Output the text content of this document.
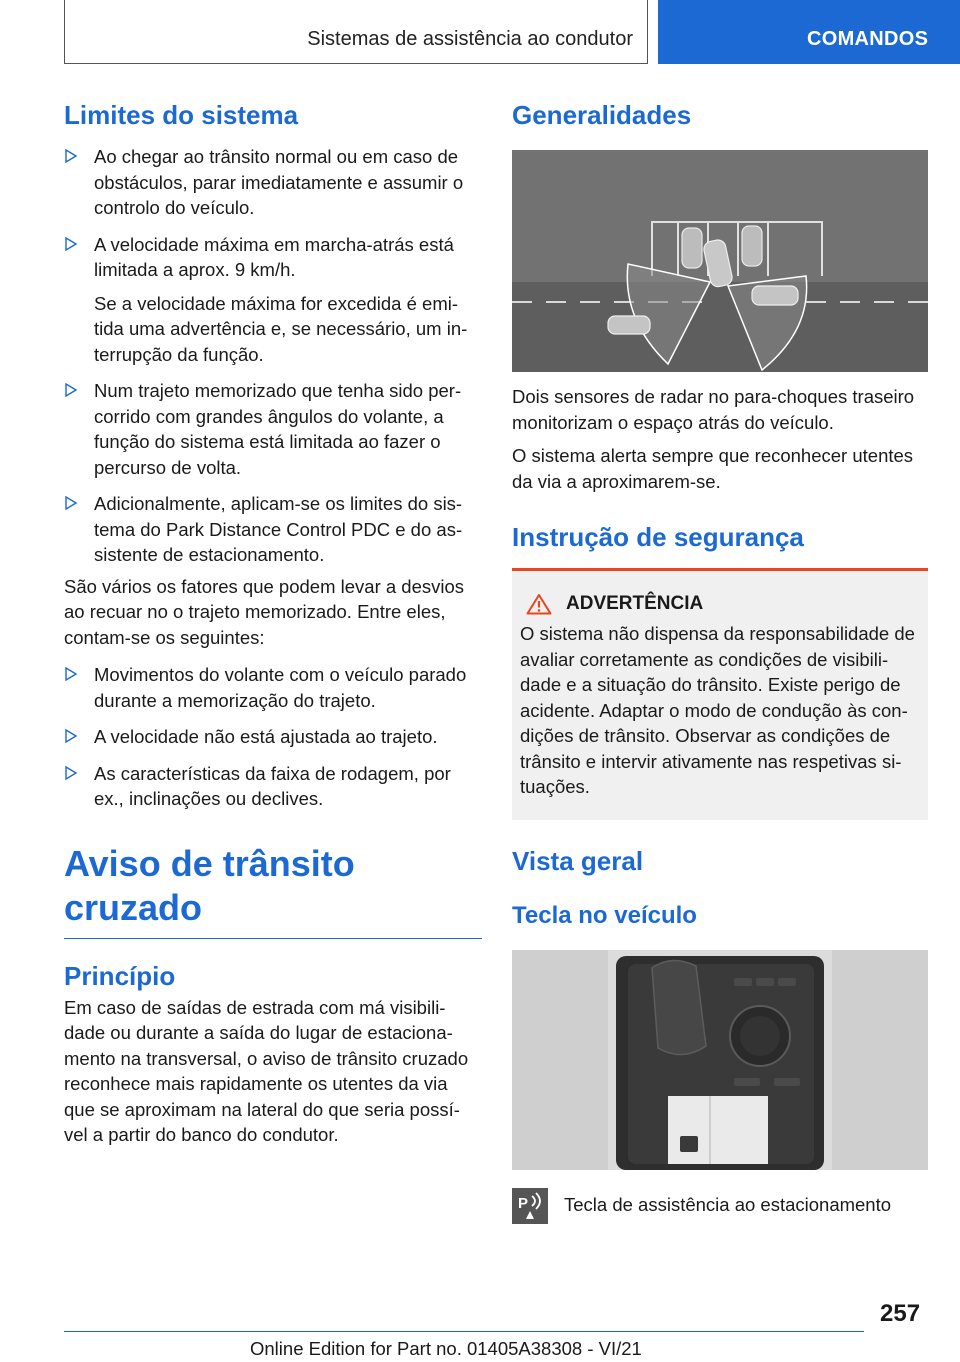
Sistemas de assistência ao condutor	COMANDOS
Limites do sistema
Ao chegar ao trânsito normal ou em caso de obstáculos, parar imediatamente e assumir o controlo do veículo.
A velocidade máxima em marcha-atrás está limitada a aprox. 9 km/h.
Se a velocidade máxima for excedida é emi-tida uma advertência e, se necessário, um in-terrupção da função.
Num trajeto memorizado que tenha sido per-corrido com grandes ângulos do volante, a função do sistema está limitada ao fazer o percurso de volta.
Adicionalmente, aplicam-se os limites do sis-tema do Park Distance Control PDC e do as-sistente de estacionamento.

São vários os fatores que podem levar a desvios ao recuar no o trajeto memorizado. Entre eles, contam-se os seguintes:

Movimentos do volante com o veículo parado durante a memorização do trajeto.
A velocidade não está ajustada ao trajeto.
As características da faixa de rodagem, por ex., inclinações ou declives.
Aviso de trânsito cruzado
Princípio

Em caso de saídas de estrada com má visibili-dade ou durante a saída do lugar de estaciona-mento na transversal, o aviso de trânsito cruzado reconhece mais rapidamente os utentes da via que se aproximam na lateral do que seria possí-vel a partir do banco do condutor.

Generalidades

Dois sensores de radar no para-choques traseiro monitorizam o espaço atrás do veículo.

O sistema alerta sempre que reconhecer utentes da via a aproximarem-se.

Instrução de segurança
ADVERTÊNCIA

O sistema não dispensa da responsabilidade de avaliar corretamente as condições de visibili-dade e a situação do trânsito. Existe perigo de acidente. Adaptar o modo de condução às con-dições de trânsito. Observar as condições de trânsito e intervir ativamente nas respetivas si-tuações.

Vista geral
Tecla no veículo
P Tecla de assistência ao estacionamento

257
Online Edition for Part no. 01405A38308 - VI/21
